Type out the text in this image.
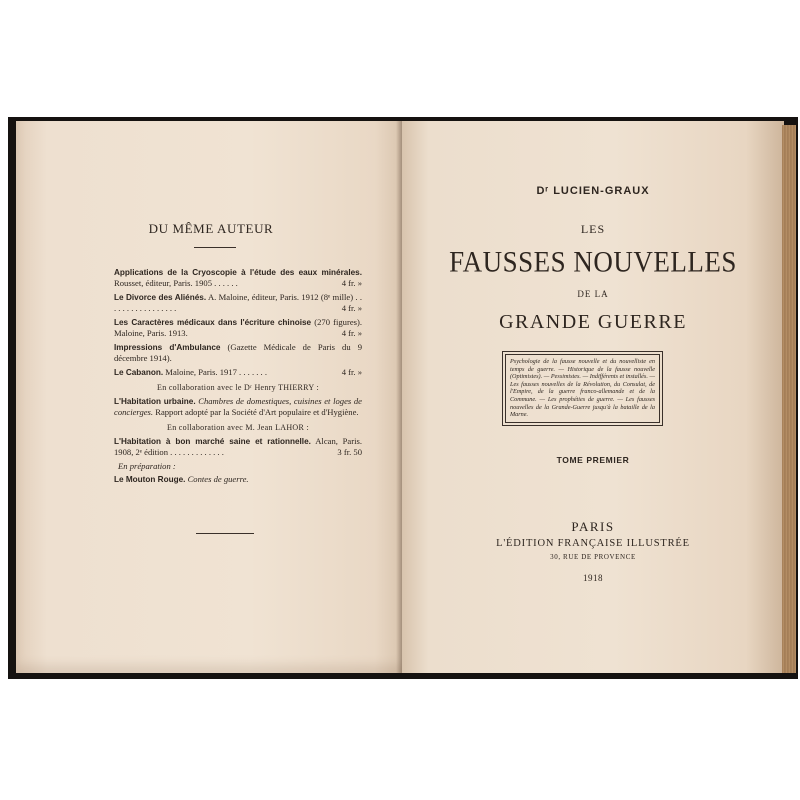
DU MÊME AUTEUR
Applications de la Cryoscopie à l'étude des eaux minérales. Rousset, éditeur, Paris. 1905 . . . . . .	4 fr. »
Le Divorce des Aliénés. A. Maloine, éditeur, Paris. 1912 (8ᵉ mille) . . . . . . . . . . . . . . . . .	4 fr. »
Les Caractères médicaux dans l'écriture chinoise (270 figures). Maloine, Paris. 1913.	4 fr. »
Impressions d'Ambulance (Gazette Médicale de Paris du 9 décembre 1914).
Le Cabanon. Maloine, Paris. 1917 . . . . . . .	4 fr. »
En collaboration avec le Dʳ Henry THIERRY :
L'Habitation urbaine. Chambres de domestiques, cuisines et loges de concierges. Rapport adopté par la Société d'Art populaire et d'Hygiène.
En collaboration avec M. Jean LAHOR :
L'Habitation à bon marché saine et rationnelle. Alcan, Paris. 1908, 2ᵉ édition . . . . . . . . . . . . .	3 fr. 50
En préparation :
Le Mouton Rouge. Contes de guerre.
Dʳ LUCIEN-GRAUX
LES
FAUSSES NOUVELLES
DE LA
GRANDE GUERRE
Psychologie de la fausse nouvelle et du nouvelliste en temps de guerre. — Historique de la fausse nouvelle (Optimistes). — Pessimistes. — Indifférents et installés. — Les fausses nouvelles de la Révolution, du Consulat, de l'Empire, de la guerre franco-allemande et de la Commune. — Les prophéties de guerre. — Les fausses nouvelles de la Grande-Guerre jusqu'à la bataille de la Marne.
TOME PREMIER
PARIS
L'ÉDITION FRANÇAISE ILLUSTRÉE
30, RUE DE PROVENCE
1918
